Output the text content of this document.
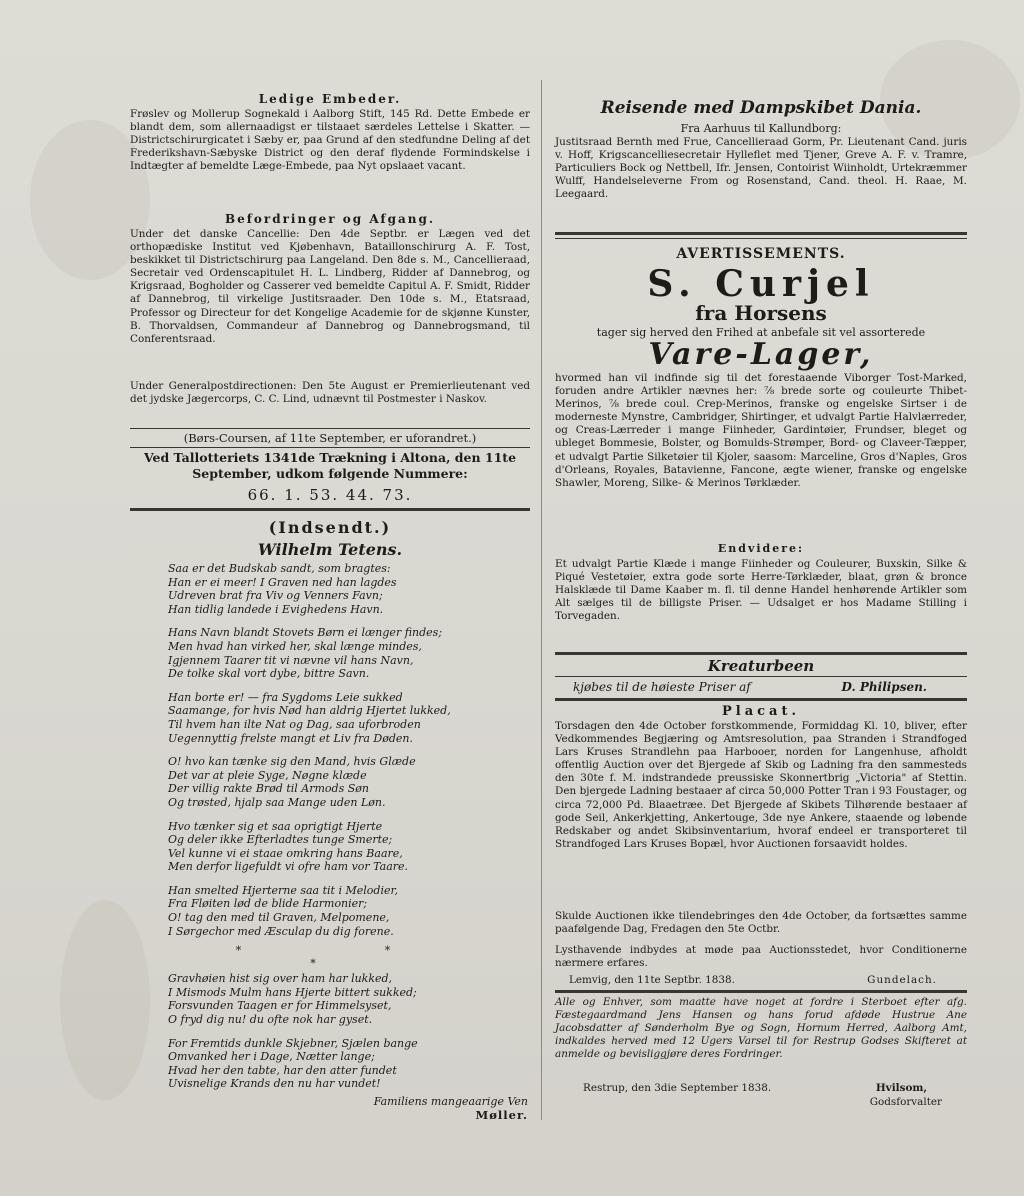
Ledige Embeder.

Frøslev og Mollerup Sognekald i Aalborg Stift, 145 Rd. Dette Embede er blandt dem, som allernaadigst er tilstaaet særdeles Lettelse i Skatter. — Districtschirurgicatet i Sæby er, paa Grund af den stedfundne Deling af det Frederikshavn-Sæbyske District og den deraf flydende Formindskelse i Indtægter af bemeldte Læge-Embede, paa Nyt opslaaet vacant.

Befordringer og Afgang.

Under det danske Cancellie: Den 4de Septbr. er Lægen ved det orthopædiske Institut ved Kjøbenhavn, Bataillonschirurg A. F. Tost, beskikket til Districtschirurg paa Langeland. Den 8de s. M., Cancellieraad, Secretair ved Ordenscapitulet H. L. Lindberg, Ridder af Dannebrog, og Krigsraad, Bogholder og Casserer ved bemeldte Capitul A. F. Smidt, Ridder af Dannebrog, til virkelige Justitsraader. Den 10de s. M., Etatsraad, Professor og Directeur for det Kongelige Academie for de skjønne Kunster, B. Thorvaldsen, Commandeur af Dannebrog og Dannebrogsmand, til Conferentsraad.

Under Generalpostdirectionen: Den 5te August er Premierlieutenant ved det jydske Jægercorps, C. C. Lind, udnævnt til Postmester i Naskov.

(Børs-Coursen, af 11te September, er uforandret.)

Ved Tallotteriets 1341de Trækning i Altona, den 11te September, udkom følgende Nummere:

66. 1. 53. 44. 73.
(Indsendt.)
Wilhelm Tetens.
Saa er det Budskab sandt, som bragtes:
Han er ei meer! I Graven ned han lagdes
Udreven brat fra Viv og Venners Favn;
Han tidlig landede i Evighedens Havn.
Hans Navn blandt Stovets Børn ei længer findes;
Men hvad han virked her, skal længe mindes,
Igjennem Taarer tit vi nævne vil hans Navn,
De tolke skal vort dybe, bittre Savn.
Han borte er! — fra Sygdoms Leie sukked
Saamange, for hvis Nød han aldrig Hjertet lukked,
Til hvem han ilte Nat og Dag, saa uforbroden
Uegennyttig frelste mangt et Liv fra Døden.
O! hvo kan tænke sig den Mand, hvis Glæde
Det var at pleie Syge, Nøgne klæde
Der villig rakte Brød til Armods Søn
Og trøsted, hjalp saa Mange uden Løn.
Hvo tænker sig et saa oprigtigt Hjerte
Og deler ikke Efterladtes tunge Smerte;
Vel kunne vi ei staae omkring hans Baare,
Men derfor ligefuldt vi ofre ham vor Taare.
Han smelted Hjerterne saa tit i Melodier,
Fra Fløiten lød de blide Harmonier;
O! tag den med til Graven, Melpomene,
I Sørgechor med Æsculap du dig forene.
* * *
Gravhøien hist sig over ham har lukked,
I Mismods Mulm hans Hjerte bittert sukked;
Forsvunden Taagen er for Himmelsyset,
O fryd dig nu! du ofte nok har gyset.
For Fremtids dunkle Skjebner, Sjælen bange
Omvanked her i Dage, Nætter lange;
Hvad her den tabte, har den atter fundet
Uvisnelige Krands den nu har vundet!
Familiens mangeaarige Ven
Møller.
Reisende med Dampskibet Dania.
Fra Aarhuus til Kallundborg:

Justitsraad Bernth med Frue, Cancellieraad Gorm, Pr. Lieutenant Cand. juris v. Hoff, Krigscancelliesecretair Hylleflet med Tjener, Greve A. F. v. Tramre, Particuliers Bock og Nettbell, Ifr. Jensen, Contoirist Wiinholdt, Urtekræmmer Wulff, Handelseleverne From og Rosenstand, Cand. theol. H. Raae, M. Leegaard.

AVERTISSEMENTS.
S. Curjel
fra Horsens
tager sig herved den Frihed at anbefale sit vel assorterede
Vare-Lager,

hvormed han vil indfinde sig til det forestaaende Viborger Tost-Marked, foruden andre Artikler nævnes her: ⅞ brede sorte og couleurte Thibet-Merinos, ⅞ brede coul. Crep-Merinos, franske og engelske Sirtser i de moderneste Mynstre, Cambridger, Shirtinger, et udvalgt Partie Halvlærreder, og Creas-Lærreder i mange Fiinheder, Gardintøier, Frundser, bleget og ubleget Bommesie, Bolster, og Bomulds-Strømper, Bord- og Claveer-Tæpper, et udvalgt Partie Silketøier til Kjoler, saasom: Marceline, Gros d'Naples, Gros d'Orleans, Royales, Batavienne, Fancone, ægte wiener, franske og engelske Shawler, Moreng, Silke- & Merinos Tørklæder.

Endvidere:

Et udvalgt Partie Klæde i mange Fiinheder og Couleurer, Buxskin, Silke & Piqué Vestetøier, extra gode sorte Herre-Tørklæder, blaat, grøn & bronce Halsklæde til Dame Kaaber m. fl. til denne Handel henhørende Artikler som Alt sælges til de billigste Priser. — Udsalget er hos Madame Stilling i Torvegaden.

Kreaturbeen
kjøbes til de høieste Priser af	D. Philipsen.
Placat.

Torsdagen den 4de October forstkommende, Formiddag Kl. 10, bliver, efter Vedkommendes Begjæring og Amtsresolution, paa Stranden i Strandfoged Lars Kruses Strandlehn paa Harbooer, norden for Langenhuse, afholdt offentlig Auction over det Bjergede af Skib og Ladning fra den sammesteds den 30te f. M. indstrandede preussiske Skonnertbrig „Victoria" af Stettin. Den bjergede Ladning bestaaer af circa 50,000 Potter Tran i 93 Foustager, og circa 72,000 Pd. Blaaetræe. Det Bjergede af Skibets Tilhørende bestaaer af gode Seil, Ankerkjetting, Ankertouge, 3de nye Ankere, staaende og løbende Redskaber og andet Skibsinventarium, hvoraf endeel er transporteret til Strandfoged Lars Kruses Bopæl, hvor Auctionen forsaavidt holdes.

Skulde Auctionen ikke tilendebringes den 4de October, da fortsættes samme paafølgende Dag, Fredagen den 5te Octbr.

Lysthavende indbydes at møde paa Auctionsstedet, hvor Conditionerne nærmere erfares.

Lemvig, den 11te Septbr. 1838.	Gundelach.

Alle og Enhver, som maatte have noget at fordre i Sterboet efter afg. Fæstegaardmand Jens Hansen og hans forud afdøde Hustrue Ane Jacobsdatter af Sønderholm Bye og Sogn, Hornum Herred, Aalborg Amt, indkaldes herved med 12 Ugers Varsel til for Restrup Godses Skifteret at anmelde og bevisliggjøre deres Fordringer.

Restrup, den 3die September 1838.	Hvilsom,
Godsforvalter
